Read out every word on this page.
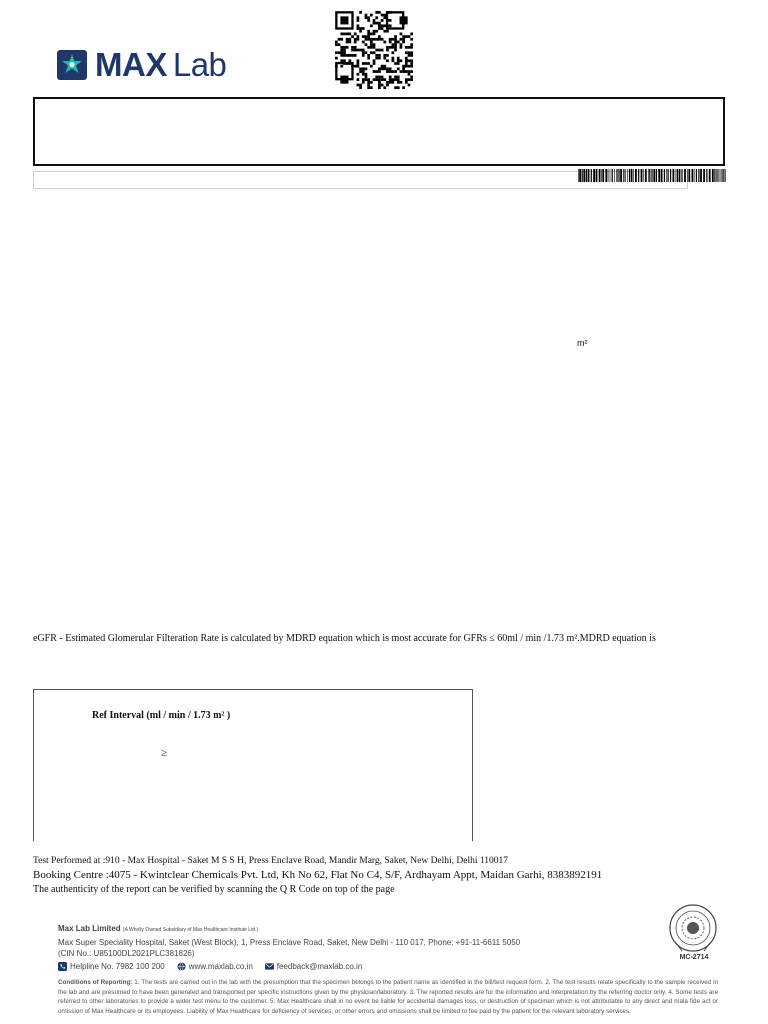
MAX Lab
m²
eGFR - Estimated Glomerular Filteration Rate is calculated by MDRD equation which is most accurate for GFRs ≤ 60ml / min /1.73 m².MDRD equation is
Ref Interval (ml / min / 1.73 m² )
≥
Test Performed at :910 - Max Hospital - Saket M S S H, Press Enclave Road, Mandir Marg, Saket, New Delhi, Delhi 110017
Booking Centre :4075 - Kwintclear Chemicals Pvt. Ltd, Kh No 62, Flat No C4, S/F, Ardhayam Appt, Maidan Garhi, 8383892191
The authenticity of the report can be verified by scanning the Q R Code on top of the page
Max Lab Limited (A Wholly Owned Subsidiary of Max Healthcare Institute Ltd.)
Max Super Speciality Hospital, Saket (West Block), 1, Press Enclave Road, Saket, New Delhi - 110 017, Phone: +91-11-6611 5050
(CIN No.: U85100DL2021PLC381826)
Helpline No. 7982 100 200	www.maxlab.co.in	feedback@maxlab.co.in
Conditions of Reporting: 1. The tests are carried out in the lab with the presumption that the specimen belongs to the patient name as identified in the bill/test request form. 2. The test results relate specifically to the sample received in the lab and are presumed to have been generated and transported per specific instructions given by the physician/laboratory. 3. The reported results are for the information and interpretation by the referring doctor only. 4. Some tests are referred to other laboratories to provide a wider test menu to the customer. 5. Max Healthcare shall in no event be liable for accidental damages loss, or destruction of specimen which is not attributable to any direct and mala fide act or omission of Max Healthcare or its employees. Liability of Max Healthcare for deficiency of services, or other errors and omissions shall be limited to fee paid by the patient for the relevant laboratory services.
MC-2714
